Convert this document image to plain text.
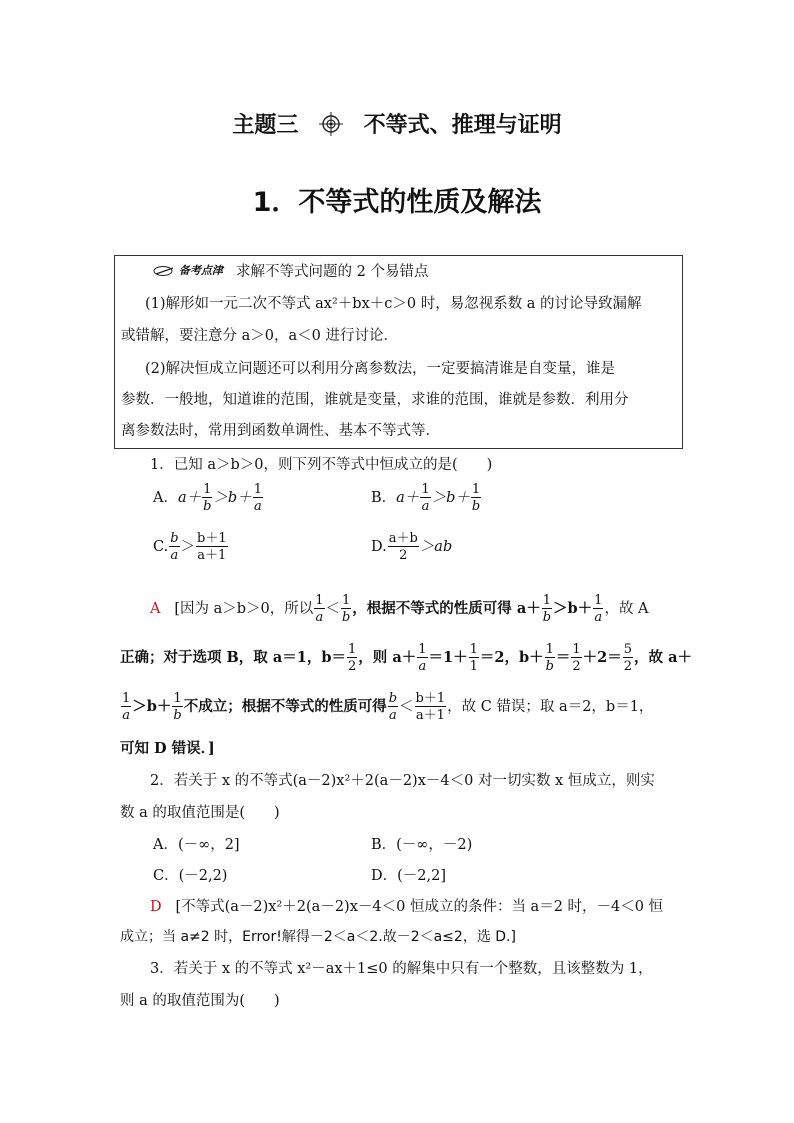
主题三	不等式、推理与证明
1．不等式的性质及解法
备考点津 求解不等式问题的 2 个易错点
(1)解形如一元二次不等式 ax²＋bx＋c＞0 时，易忽视系数 a 的讨论导致漏解
或错解，要注意分 a＞0，a＜0 进行讨论．
(2)解决恒成立问题还可以利用分离参数法，一定要搞清谁是自变量，谁是
参数．一般地，知道谁的范围，谁就是变量，求谁的范围，谁就是参数．利用分
离参数法时，常用到函数单调性、基本不等式等．
1．已知 a＞b＞0，则下列不等式中恒成立的是(　　)
A．$a+ \frac{1}{b} >b+ \frac{1}{a}$	B．$a+ \frac{1}{a} >b+ \frac{1}{b}$
C. $\frac{b}{a} > \frac{b+1}{a+1}$	D. $\frac{a+b}{2} >ab$
A [因为 a＞b＞0，所以 $\frac{1}{a} < \frac{1}{b}$ ，根据不等式的性质可得 $a+ \frac{1}{b} >b+ \frac{1}{a}$ ，故 A
正确；对于选项 B，取 a＝1，$b= \frac{1}{2}$ ，则 $a+ \frac{1}{a} =1+ \frac{1}{1} =2$，$b+ \frac{1}{b} = \frac{1}{2} +2= \frac{5}{2}$ ，故 a＋
$\frac{1}{a} >b+ \frac{1}{b}$ 不成立；根据不等式的性质可得 $\frac{b}{a} < \frac{b+1}{a+1}$ ，故 C 错误；取 a＝2，b＝1，
可知 D 错误．]
2．若关于 x 的不等式(a－2)x²＋2(a－2)x－4＜0 对一切实数 x 恒成立，则实
数 a 的取值范围是(　　)
A．(－∞，2]	B．(－∞，－2)
C．(－2,2)	D．(－2,2]
D [不等式(a－2)x²＋2(a－2)x－4＜0 恒成立的条件：当 a＝2 时，－4＜0 恒
成立；当 a≠2 时，Error!解得－2＜a＜2.故－2＜a≤2，选 D.]
3．若关于 x 的不等式 x²－ax＋1≤0 的解集中只有一个整数，且该整数为 1，
则 a 的取值范围为(　　)
